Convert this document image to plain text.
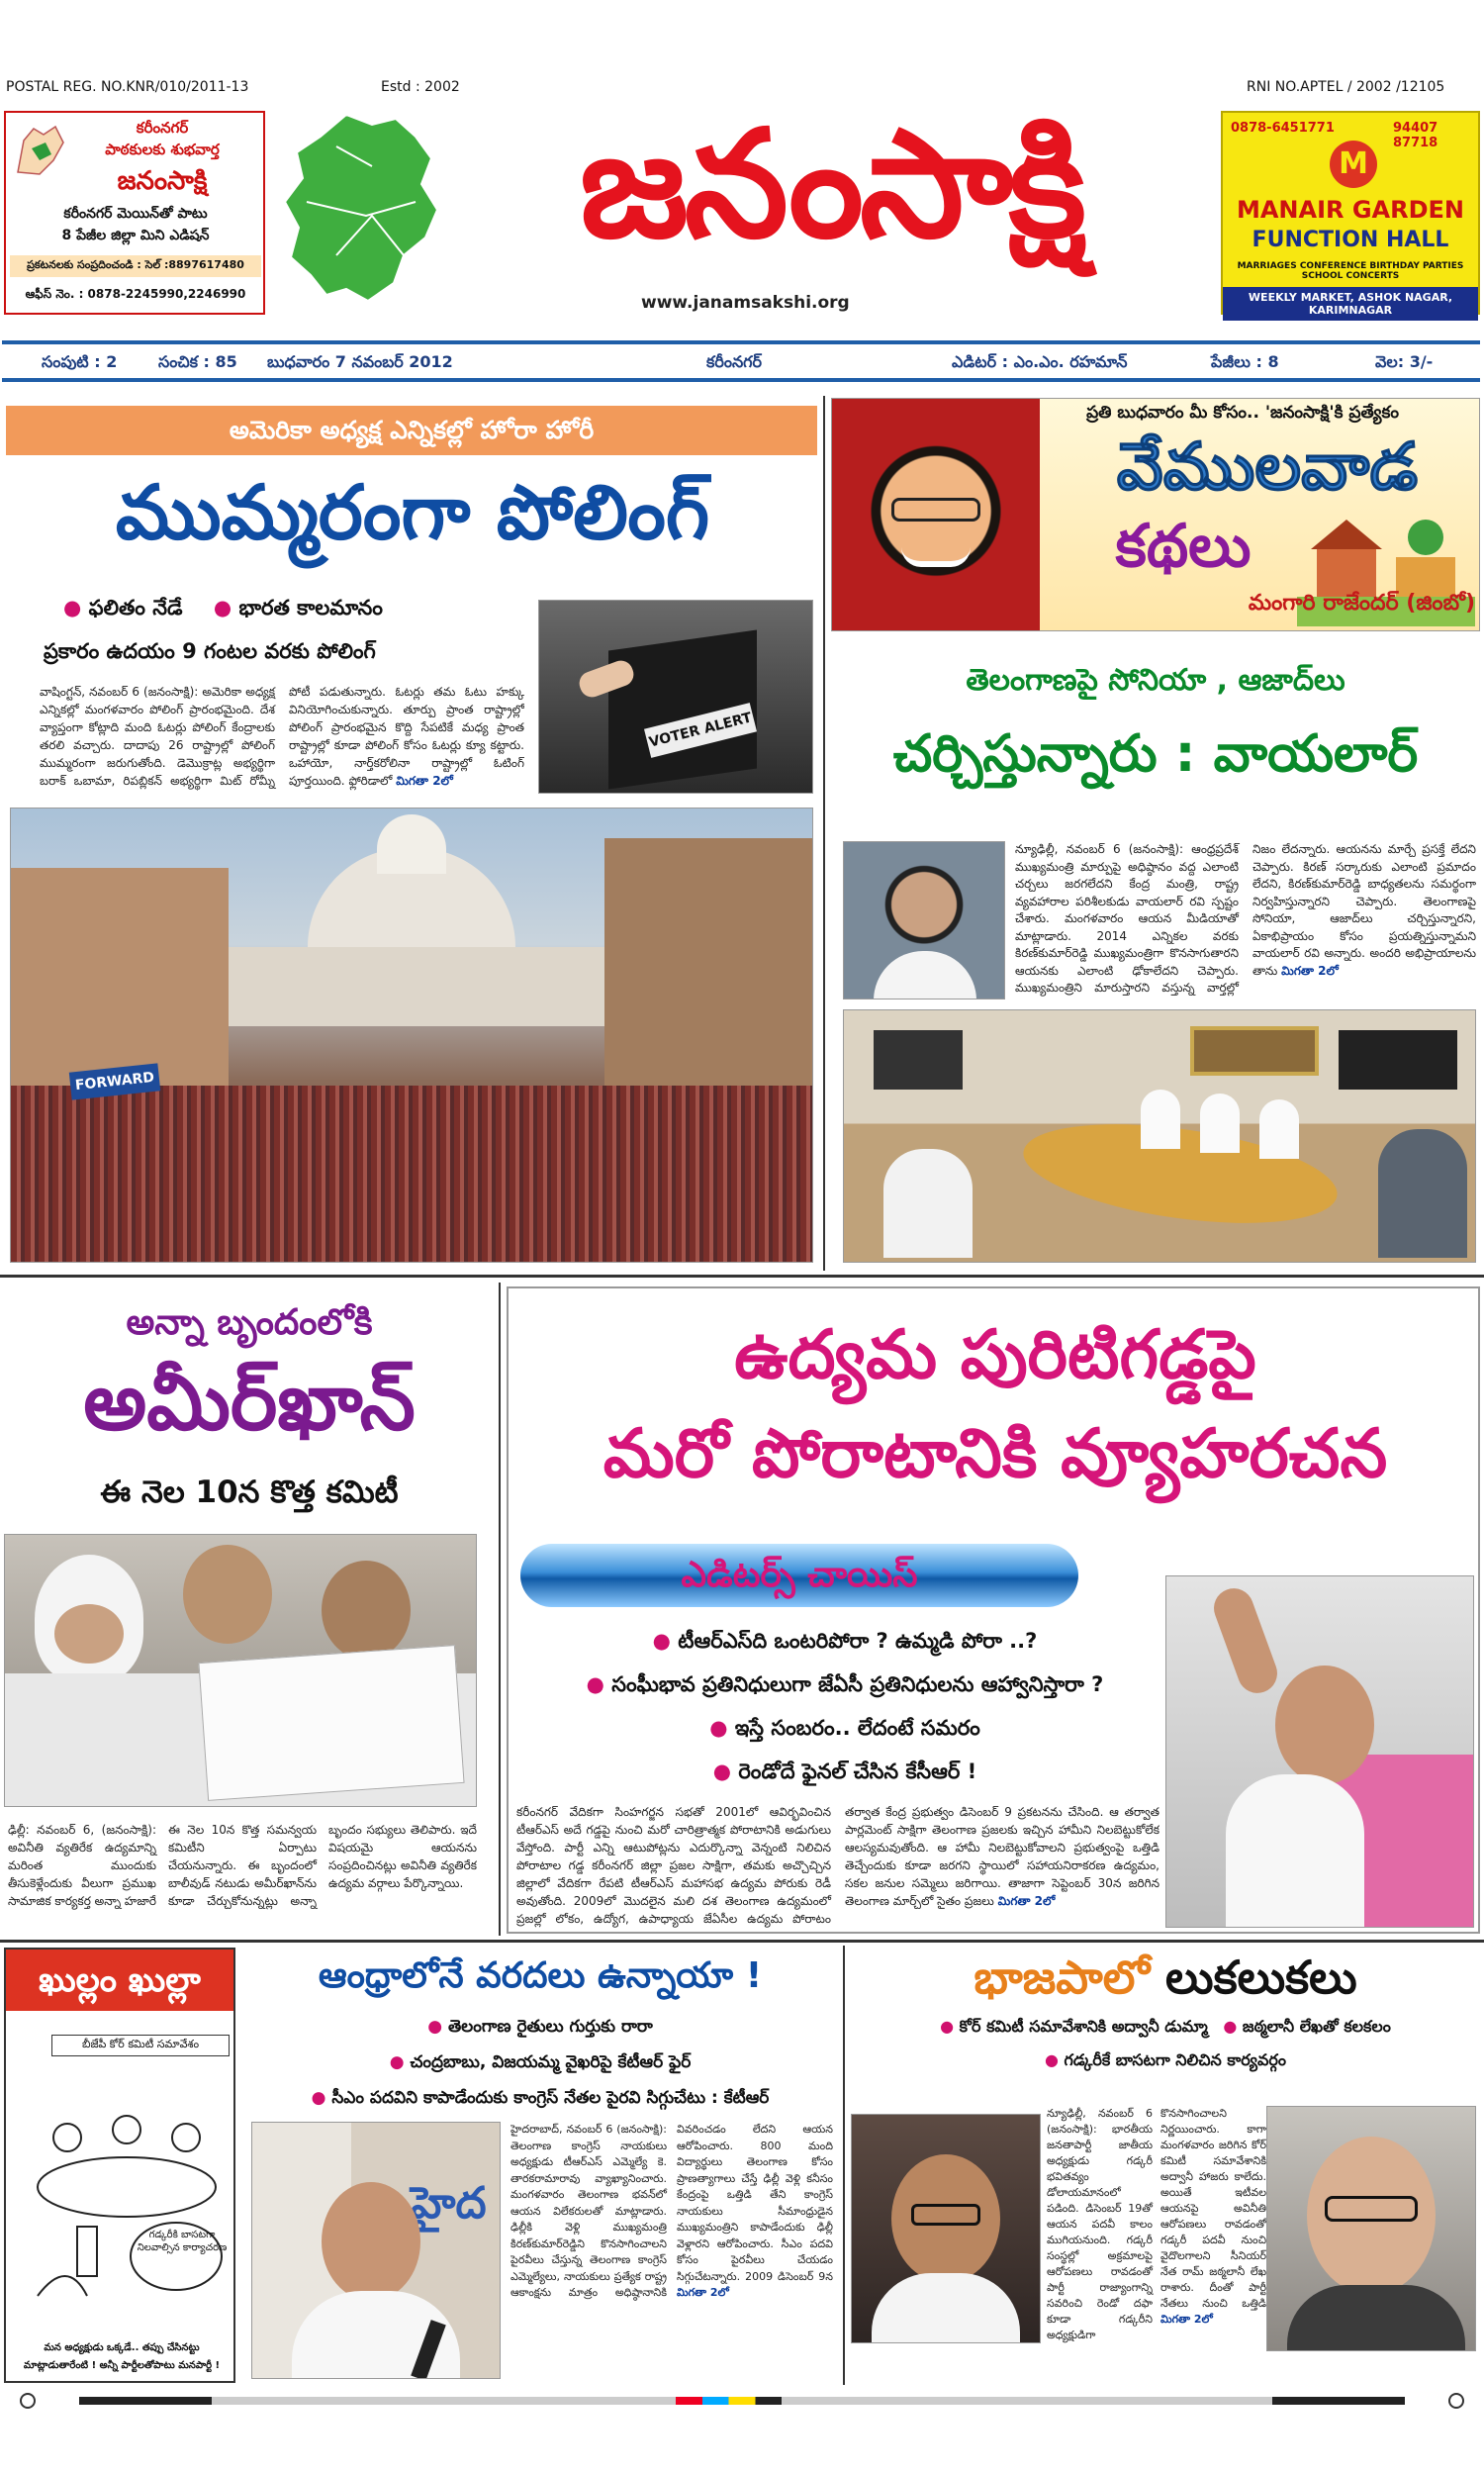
POSTAL REG. NO.KNR/010/2011-13	Estd : 2002	RNI NO.APTEL / 2002 /12105
కరీంనగర్
పాఠకులకు శుభవార్త
జనంసాక్షి
కరీంనగర్ మెయిన్‌తో పాటు
8 పేజీల జిల్లా మిని ఎడిషన్
ప్రకటనలకు సంప్రదించండి : సెల్ :8897617480
ఆఫీస్ నెం. : 0878-2245990,2246990
జనంసాక్షి
www.janamsakshi.org
0878-6451771	94407 87718
M
MANAIR GARDEN
FUNCTION HALL
MARRIAGES CONFERENCE BIRTHDAY PARTIES SCHOOL CONCERTS
WEEKLY MARKET, ASHOK NAGAR, KARIMNAGAR
సంపుటి : 2	సంచిక : 85 బుధవారం 7 నవంబర్ 2012	కరీంనగర్	ఎడిటర్ : ఎం.ఎం. రహమాన్	పేజీలు : 8	వెల: 3/-
అమెరికా అధ్యక్ష ఎన్నికల్లో హోరా హోరీ
ముమ్మరంగా పోలింగ్
● ఫలితం నేడే ● భారత కాలమానం
ప్రకారం ఉదయం 9 గంటల వరకు పోలింగ్
వాషింగ్టన్, నవంబర్ 6 (జనంసాక్షి): అమెరికా అధ్యక్ష ఎన్నికల్లో మంగళవారం పోలింగ్ ప్రారంభమైంది. దేశ వ్యాప్తంగా కోట్లాది మంది ఓటర్లు పోలింగ్ కేంద్రాలకు తరలి వచ్చారు. దాదాపు 26 రాష్ట్రాల్లో పోలింగ్ ముమ్మరంగా జరుగుతోంది. డెమొక్రాట్ల అభ్యర్థిగా బరాక్ ఒబామా, రిపబ్లికన్ అభ్యర్థిగా మిట్ రోమ్నీ పోటీ పడుతున్నారు. ఓటర్లు తమ ఓటు హక్కు వినియోగించుకున్నారు. తూర్పు ప్రాంత రాష్ట్రాల్లో పోలింగ్ ప్రారంభమైన కొద్ది సేపటికే మధ్య ప్రాంత రాష్ట్రాల్లో కూడా పోలింగ్ కోసం ఓటర్లు క్యూ కట్టారు. ఒహాయో, నార్త్‌కరోలినా రాష్ట్రాల్లో ఓటింగ్ పూర్తయింది. ఫ్లోరిడాలో మిగతా 2లో
VOTER ALERT
FORWARD
ప్రతి బుధవారం మీ కోసం.. 'జనంసాక్షి'కి ప్రత్యేకం
వేములవాడ
కథలు
మంగారి రాజేందర్ (జింబో)
తెలంగాణపై సోనియా , ఆజాద్‌లు
చర్చిస్తున్నారు : వాయలార్
న్యూఢిల్లీ, నవంబర్ 6 (జనంసాక్షి): ఆంధ్రప్రదేశ్ ముఖ్యమంత్రి మార్పుపై అధిష్ఠానం వద్ద ఎలాంటి చర్చలు జరగలేదని కేంద్ర మంత్రి, రాష్ట్ర వ్యవహారాల పరిశీలకుడు వాయలార్ రవి స్పష్టం చేశారు. మంగళవారం ఆయన మీడియాతో మాట్లాడారు. 2014 ఎన్నికల వరకు కిరణ్‌కుమార్‌రెడ్డి ముఖ్యమంత్రిగా కొనసాగుతారని ఆయనకు ఎలాంటి ఢోకాలేదని చెప్పారు. ముఖ్యమంత్రిని మారుస్తారని వస్తున్న వార్తల్లో నిజం లేదన్నారు. ఆయనను మార్చే ప్రసక్తే లేదని చెప్పారు. కిరణ్ సర్కారుకు ఎలాంటి ప్రమాదం లేదని, కిరణ్‌కుమార్‌రెడ్డి బాధ్యతలను సమర్థంగా నిర్వహిస్తున్నారని చెప్పారు. తెలంగాణపై సోనియా, ఆజాద్‌లు చర్చిస్తున్నారని, ఏకాభిప్రాయం కోసం ప్రయత్నిస్తున్నామని వాయలార్ రవి అన్నారు. అందరి అభిప్రాయాలను తాను మిగతా 2లో
అన్నా బృందంలోకి
అమీర్‌ఖాన్
ఈ నెల 10న కొత్త కమిటీ
ఢిల్లీ: నవంబర్ 6, (జనంసాక్షి): అవినీతి వ్యతిరేక ఉద్యమాన్ని మరింత ముందుకు తీసుకెళ్లేందుకు వీలుగా ప్రముఖ సామాజిక కార్యకర్త అన్నా హజారే ఈ నెల 10న కొత్త సమన్వయ కమిటీని ఏర్పాటు చేయనున్నారు. ఈ బృందంలో బాలీవుడ్ నటుడు అమీర్‌ఖాన్‌ను కూడా చేర్చుకోనున్నట్లు అన్నా బృందం సభ్యులు తెలిపారు. ఇదే విషయమై ఆయనను సంప్రదించినట్లు అవినీతి వ్యతిరేక ఉద్యమ వర్గాలు పేర్కొన్నాయి.
ఉద్యమ పురిటిగడ్డపై
మరో పోరాటానికి వ్యూహరచన
ఎడిటర్స్ చాయిస్
● టీఆర్‌ఎస్‌ది ఒంటరిపోరా ? ఉమ్మడి పోరా ..?
● సంఘీభావ ప్రతినిధులుగా జేఏసీ ప్రతినిధులను ఆహ్వానిస్తారా ?
● ఇస్తే సంబరం.. లేదంటే సమరం
● రెండోదే ఫైనల్ చేసిన కేసీఆర్ !
కరీంనగర్ వేదికగా సింహగర్జన సభతో 2001లో ఆవిర్భవించిన టీఆర్‌ఎస్ అదే గడ్డపై నుంచి మరో చారిత్రాత్మక పోరాటానికి అడుగులు వేస్తోంది. పార్టీ ఎన్ని ఆటుపోట్లను ఎదుర్కొన్నా వెన్నంటి నిలిచిన పోరాటాల గడ్డ కరీంనగర్ జిల్లా ప్రజల సాక్షిగా, తమకు అచ్చొచ్చిన జిల్లాలో వేదికగా రేపటి టీఆర్‌ఎస్ మహాసభ ఉద్యమ పోరుకు రెడీ అవుతోంది. 2009లో మొదలైన మలి దశ తెలంగాణ ఉద్యమంలో ప్రజల్లో లోకం, ఉద్యోగ, ఉపాధ్యాయ జేఏసీల ఉద్యమ పోరాటం తర్వాత కేంద్ర ప్రభుత్వం డిసెంబర్ 9 ప్రకటనను చేసింది. ఆ తర్వాత పార్లమెంట్ సాక్షిగా తెలంగాణ ప్రజలకు ఇచ్చిన హామీని నిలబెట్టుకోలేక ఆలస్యమవుతోంది. ఆ హామీ నిలబెట్టుకోవాలని ప్రభుత్వంపై ఒత్తిడి తెచ్చేందుకు కూడా జరగని స్థాయిలో సహాయనిరాకరణ ఉద్యమం, సకల జనుల సమ్మెలు జరిగాయి. తాజాగా సెప్టెంబర్ 30న జరిగిన తెలంగాణ మార్చ్‌లో సైతం ప్రజలు మిగతా 2లో
ఖుల్లం ఖుల్లా
బీజేపీ కోర్ కమిటీ సమావేశం
గడ్కరీకి బాసటగా నిలవాల్సిన కార్యాచరణ
మన అధ్యక్షుడు ఒక్కడే.. తప్పు చేసినట్టు
మాట్లాడుతారేంటి ! అన్నీ పార్టీలతోపాటు మనపార్టీ !
ఆంధ్రాలోనే వరదలు ఉన్నాయా !
● తెలంగాణ రైతులు గుర్తుకు రారా
● చంద్రబాబు, విజయమ్మ వైఖరిపై కేటీఆర్ ఫైర్
● సీఎం పదవిని కాపాడేందుకు కాంగ్రెస్ నేతల పైరవి సిగ్గుచేటు : కేటీఆర్
హైద
హైదరాబాద్, నవంబర్ 6 (జనంసాక్షి): తెలంగాణ కాంగ్రెస్ నాయకులు అధ్యక్షుడు టీఆర్‌ఎస్ ఎమ్మెల్యే కె. తారకరామారావు వ్యాఖ్యానించారు. మంగళవారం తెలంగాణ భవన్‌లో ఆయన విలేకరులతో మాట్లాడారు. ఢిల్లీకి వెళ్లి ముఖ్యమంత్రి కిరణ్‌కుమార్‌రెడ్డిని కొనసాగించాలని పైరవీలు చేస్తున్న తెలంగాణ కాంగ్రెస్ ఎమ్మెల్యేలు, నాయకులు ప్రత్యేక రాష్ట్ర ఆకాంక్షను మాత్రం అధిష్ఠానానికి వివరించడం లేదని ఆయన ఆరోపించారు. 800 మంది విద్యార్థులు తెలంగాణ కోసం ప్రాణత్యాగాలు చేస్తే ఢిల్లీ వెళ్లి కనీసం కేంద్రంపై ఒత్తిడి తేని కాంగ్రెస్ నాయకులు సీమాంధ్రుడైన ముఖ్యమంత్రిని కాపాడేందుకు ఢిల్లీ వెళ్లారని ఆరోపించారు. సీఎం పదవి కోసం పైరవీలు చేయడం సిగ్గుచేటన్నారు. 2009 డిసెంబర్ 9న మిగతా 2లో
భాజపాలో లుకలుకలు
● కోర్ కమిటీ సమావేశానికి అద్వానీ డుమ్మా ● జఠ్మలానీ లేఖతో కలకలం
● గడ్కరీకే బాసటగా నిలిచిన కార్యవర్గం
న్యూఢిల్లీ, నవంబర్ 6 (జనంసాక్షి): భారతీయ జనతాపార్టీ జాతీయ అధ్యక్షుడు గడ్కరీ భవితవ్యం డోలాయమానంలో పడింది. డిసెంబర్ 19తో ఆయన పదవీ కాలం ముగియనుంది. గడ్కరీ సంస్థల్లో అక్రమాలపై ఆరోపణలు రావడంతో పార్టీ రాజ్యాంగాన్ని సవరించి రెండో దఫా కూడా గడ్కరీని అధ్యక్షుడిగా కొనసాగించాలని నిర్ణయించారు. కాగా మంగళవారం జరిగిన కోర్ కమిటీ సమావేశానికి అద్వానీ హాజరు కాలేదు. అయితే ఇటీవల ఆయనపై అవినీతి ఆరోపణలు రావడంతో గడ్కరీ పదవీ నుంచి వైదొలగాలని సీనియర్ నేత రామ్ జఠ్మలానీ లేఖ రాశారు. దీంతో పార్టీ నేతలు నుంచి ఒత్తిడి మిగతా 2లో
